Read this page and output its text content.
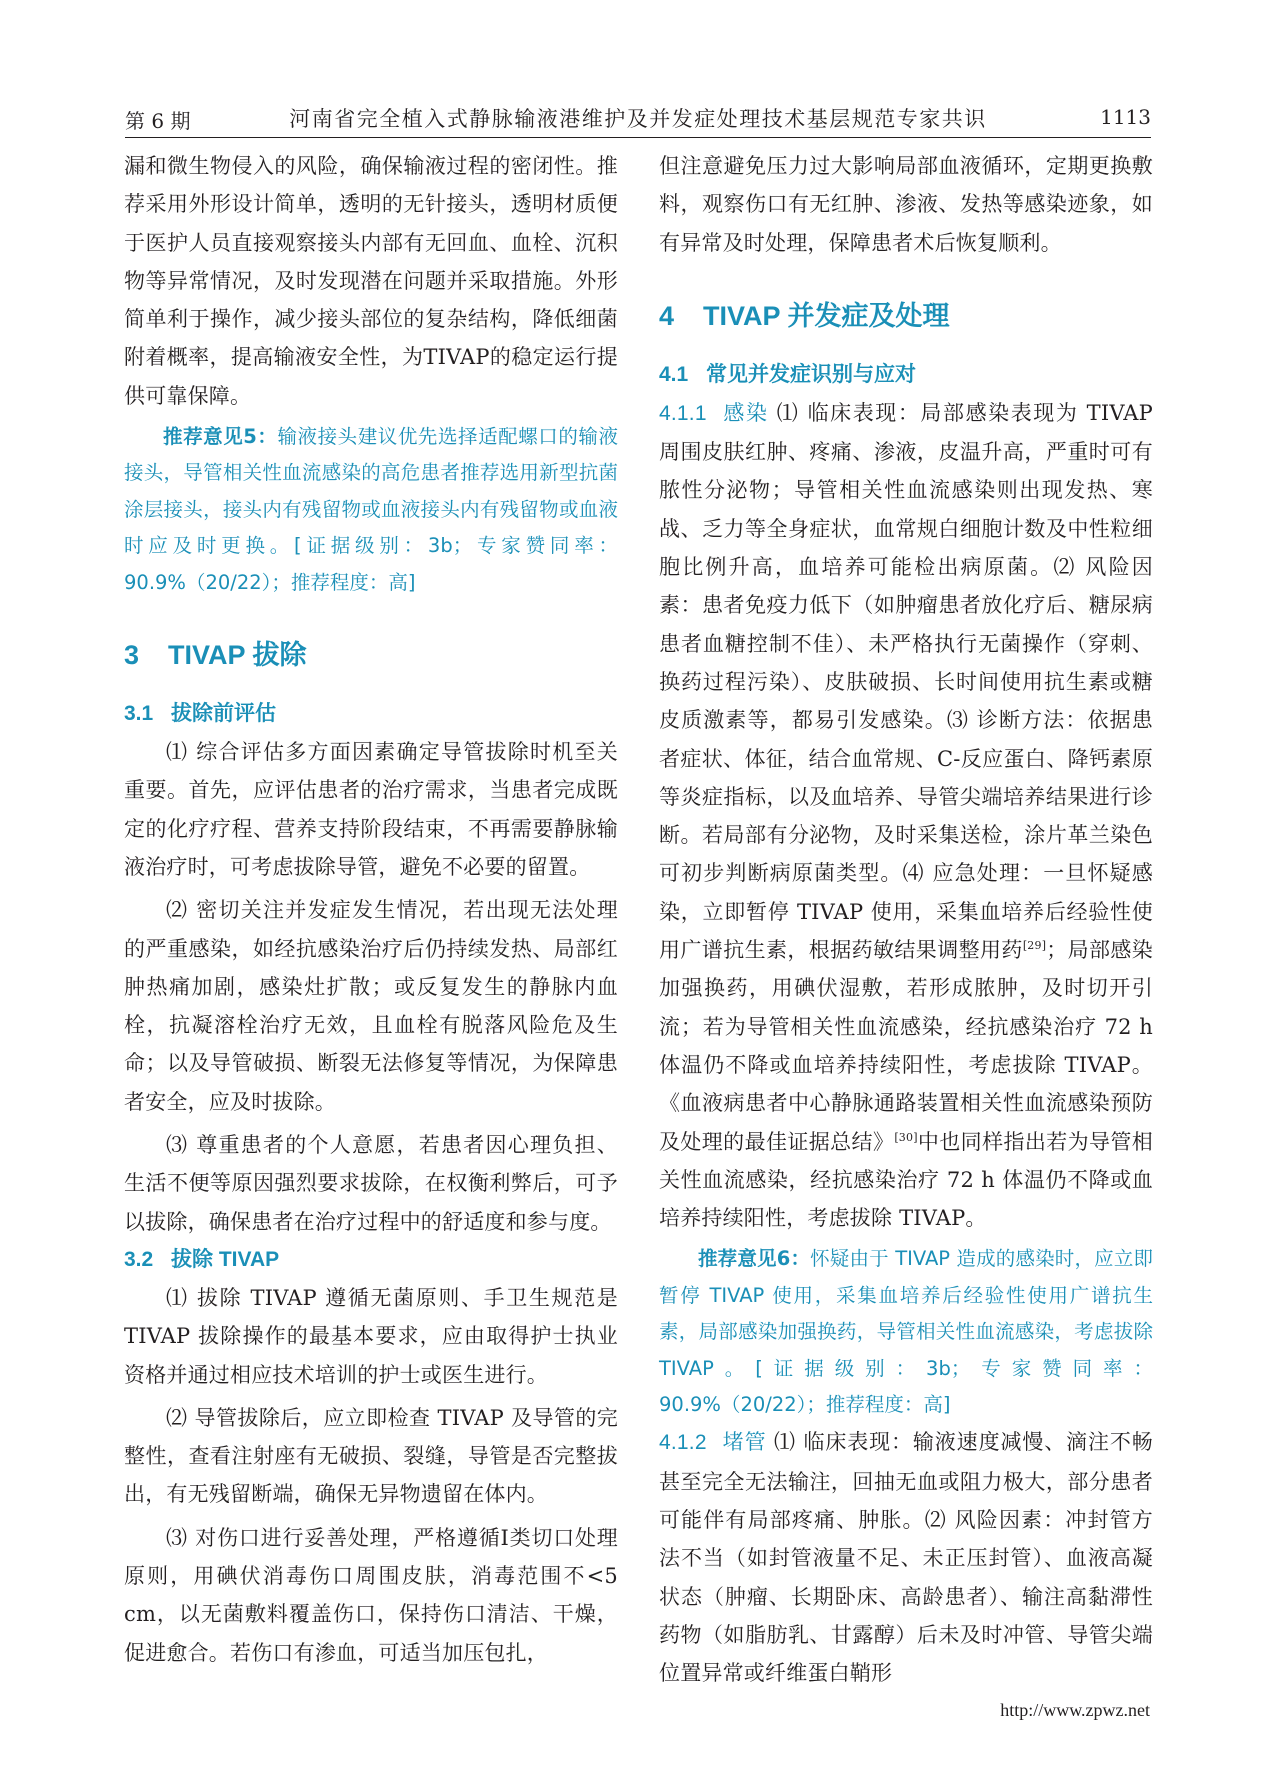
第 6 期	河南省完全植入式静脉输液港维护及并发症处理技术基层规范专家共识	1113

漏和微生物侵入的风险，确保输液过程的密闭性。推荐采用外形设计简单，透明的无针接头，透明材质便于医护人员直接观察接头内部有无回血、血栓、沉积物等异常情况，及时发现潜在问题并采取措施。外形简单利于操作，减少接头部位的复杂结构，降低细菌附着概率，提高输液安全性，为TIVAP的稳定运行提供可靠保障。

推荐意见5：输液接头建议优先选择适配螺口的输液接头，导管相关性血流感染的高危患者推荐选用新型抗菌涂层接头，接头内有残留物或血液接头内有残留物或血液时应及时更换。[证据级别：3b；专家赞同率：90.9%（20/22）；推荐程度：高]

3 TIVAP 拔除
3.1 拔除前评估

⑴ 综合评估多方面因素确定导管拔除时机至关重要。首先，应评估患者的治疗需求，当患者完成既定的化疗疗程、营养支持阶段结束，不再需要静脉输液治疗时，可考虑拔除导管，避免不必要的留置。

⑵ 密切关注并发症发生情况，若出现无法处理的严重感染，如经抗感染治疗后仍持续发热、局部红肿热痛加剧，感染灶扩散；或反复发生的静脉内血栓，抗凝溶栓治疗无效，且血栓有脱落风险危及生命；以及导管破损、断裂无法修复等情况，为保障患者安全，应及时拔除。

⑶ 尊重患者的个人意愿，若患者因心理负担、生活不便等原因强烈要求拔除，在权衡利弊后，可予以拔除，确保患者在治疗过程中的舒适度和参与度。

3.2 拔除 TIVAP

⑴ 拔除 TIVAP 遵循无菌原则、手卫生规范是 TIVAP 拔除操作的最基本要求，应由取得护士执业资格并通过相应技术培训的护士或医生进行。

⑵ 导管拔除后，应立即检查 TIVAP 及导管的完整性，查看注射座有无破损、裂缝，导管是否完整拔出，有无残留断端，确保无异物遗留在体内。

⑶ 对伤口进行妥善处理，严格遵循Ⅰ类切口处理原则，用碘伏消毒伤口周围皮肤，消毒范围不<5 cm，以无菌敷料覆盖伤口，保持伤口清洁、干燥，促进愈合。若伤口有渗血，可适当加压包扎，

但注意避免压力过大影响局部血液循环，定期更换敷料，观察伤口有无红肿、渗液、发热等感染迹象，如有异常及时处理，保障患者术后恢复顺利。

4 TIVAP 并发症及处理
4.1 常见并发症识别与应对

4.1.1 感染 ⑴ 临床表现：局部感染表现为 TIVAP 周围皮肤红肿、疼痛、渗液，皮温升高，严重时可有脓性分泌物；导管相关性血流感染则出现发热、寒战、乏力等全身症状，血常规白细胞计数及中性粒细胞比例升高，血培养可能检出病原菌。⑵ 风险因素：患者免疫力低下（如肿瘤患者放化疗后、糖尿病患者血糖控制不佳）、未严格执行无菌操作（穿刺、换药过程污染）、皮肤破损、长时间使用抗生素或糖皮质激素等，都易引发感染。⑶ 诊断方法：依据患者症状、体征，结合血常规、C-反应蛋白、降钙素原等炎症指标，以及血培养、导管尖端培养结果进行诊断。若局部有分泌物，及时采集送检，涂片革兰染色可初步判断病原菌类型。⑷ 应急处理：一旦怀疑感染，立即暂停 TIVAP 使用，采集血培养后经验性使用广谱抗生素，根据药敏结果调整用药[29]；局部感染加强换药，用碘伏湿敷，若形成脓肿，及时切开引流；若为导管相关性血流感染，经抗感染治疗 72 h 体温仍不降或血培养持续阳性，考虑拔除 TIVAP。《血液病患者中心静脉通路装置相关性血流感染预防及处理的最佳证据总结》[30]中也同样指出若为导管相关性血流感染，经抗感染治疗 72 h 体温仍不降或血培养持续阳性，考虑拔除 TIVAP。

推荐意见6：怀疑由于 TIVAP 造成的感染时，应立即暂停 TIVAP 使用，采集血培养后经验性使用广谱抗生素，局部感染加强换药，导管相关性血流感染，考虑拔除 TIVAP。[证据级别：3b；专家赞同率：90.9%（20/22）；推荐程度：高]

4.1.2 堵管 ⑴ 临床表现：输液速度减慢、滴注不畅甚至完全无法输注，回抽无血或阻力极大，部分患者可能伴有局部疼痛、肿胀。⑵ 风险因素：冲封管方法不当（如封管液量不足、未正压封管）、血液高凝状态（肿瘤、长期卧床、高龄患者）、输注高黏滞性药物（如脂肪乳、甘露醇）后未及时冲管、导管尖端位置异常或纤维蛋白鞘形

http://www.zpwz.net
